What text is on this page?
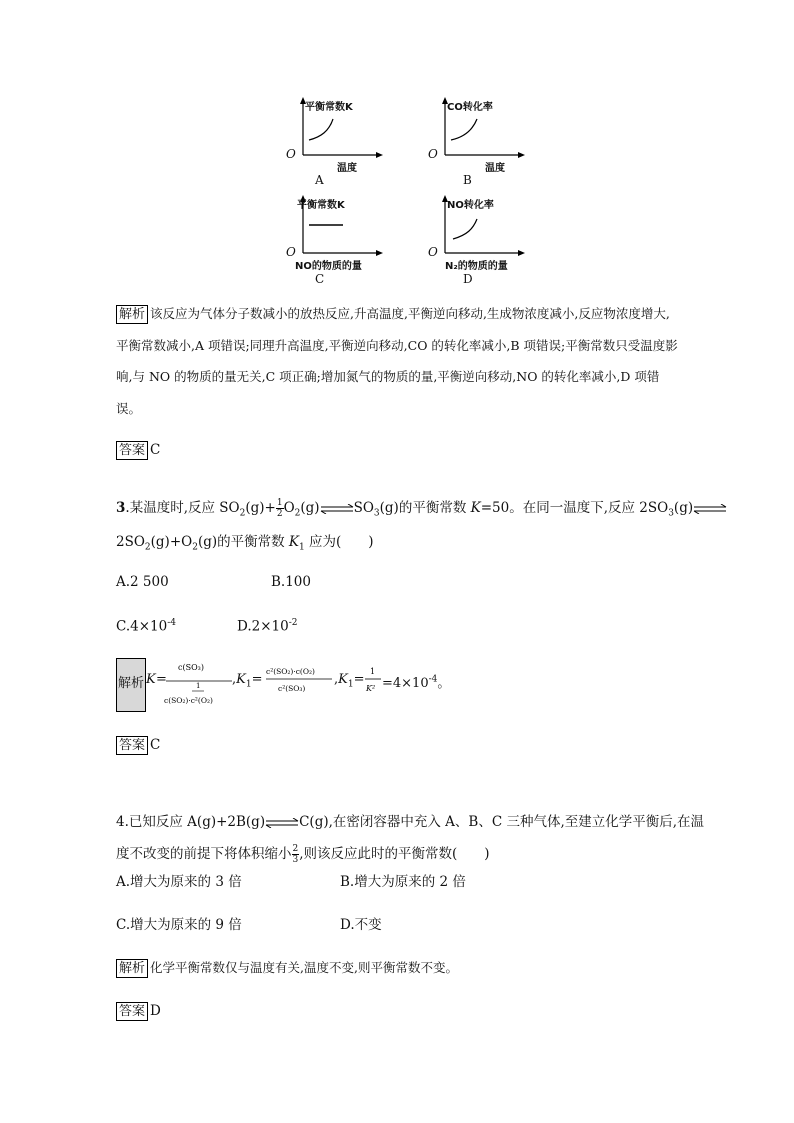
平衡常数K
O
温度
A
CO转化率
O
温度
B
平衡常数K
O
NO的物质的量
C
NO转化率
O
N₂的物质的量
D
解析 该反应为气体分子数减小的放热反应,升高温度,平衡逆向移动,生成物浓度减小,反应物浓度增大,平衡常数减小,A 项错误;同理升高温度,平衡逆向移动,CO 的转化率减小,B 项错误;平衡常数只受温度影响,与 NO 的物质的量无关,C 项正确;增加氮气的物质的量,平衡逆向移动,NO 的转化率减小,D 项错误。
答案 C
3.某温度时,反应 $SO_2(g)+ \frac{1}{2}$ $O_2(g)\rightleftharpoons SO_3(g)$的平衡常数 K=50。在同一温度下,反应 $2SO_3(g)\rightleftharpoons$
$2SO_2(g)+O_2(g)$的平衡常数 $K_1$ 应为(　　)
A.2 500	B.100
$C.4\times 10^{-4}$	$D.2\times 10^{-2}$
解析 K =
c(SO₃)
1
c(SO₂)·c²(O₂)
$,K_1=$
c²(SO₂)·c(O₂)
c²(SO₃)
$,K_1=$
1
$K^2 =4\times 10^{-4}$。
答案 C
4.已知反应 A(g)+2B(g)⇌C(g),在密闭容器中充入 A、B、C 三种气体,至建立化学平衡后,在温
度不改变的前提下将体积缩小 $\frac{2}{3}$ ,则该反应此时的平衡常数(　　)
A.增大为原来的 3 倍	B.增大为原来的 2 倍
C.增大为原来的 9 倍	D.不变
解析 化学平衡常数仅与温度有关,温度不变,则平衡常数不变。
答案 D
